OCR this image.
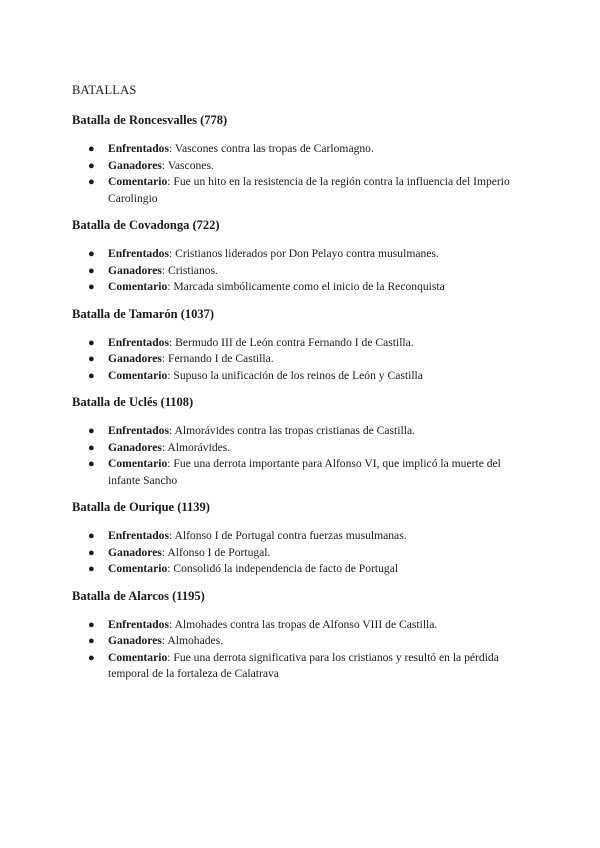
BATALLAS
Batalla de Roncesvalles (778)
● Enfrentados: Vascones contra las tropas de Carlomagno.
● Ganadores: Vascones.
● Comentario: Fue un hito en la resistencia de la región contra la influencia del Imperio Carolingio
Batalla de Covadonga (722)
● Enfrentados: Cristianos liderados por Don Pelayo contra musulmanes.
● Ganadores: Cristianos.
● Comentario: Marcada simbólicamente como el inicio de la Reconquista
Batalla de Tamarón (1037)
● Enfrentados: Bermudo III de León contra Fernando I de Castilla.
● Ganadores: Fernando I de Castilla.
● Comentario: Supuso la unificación de los reinos de León y Castilla
Batalla de Uclés (1108)
● Enfrentados: Almorávides contra las tropas cristianas de Castilla.
● Ganadores: Almorávides.
● Comentario: Fue una derrota importante para Alfonso VI, que implicó la muerte del infante Sancho
Batalla de Ourique (1139)
● Enfrentados: Alfonso I de Portugal contra fuerzas musulmanas.
● Ganadores: Alfonso I de Portugal.
● Comentario: Consolidó la independencia de facto de Portugal
Batalla de Alarcos (1195)
● Enfrentados: Almohades contra las tropas de Alfonso VIII de Castilla.
● Ganadores: Almohades.
● Comentario: Fue una derrota significativa para los cristianos y resultó en la pérdida temporal de la fortaleza de Calatrava
